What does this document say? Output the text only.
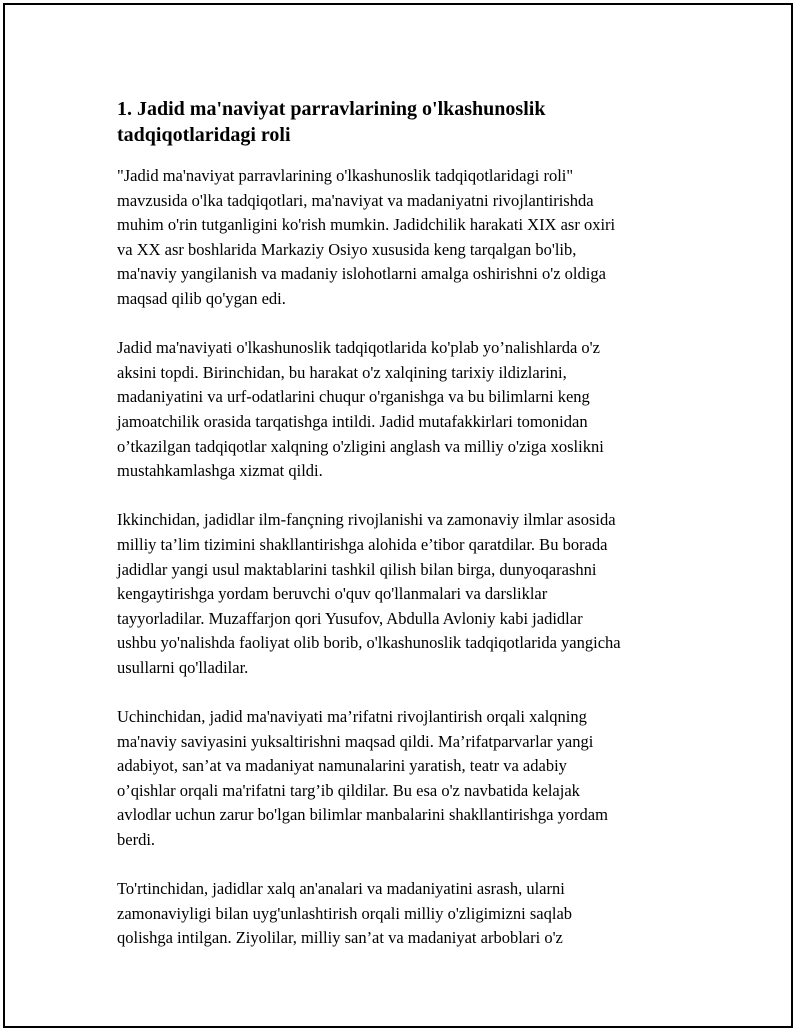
1. Jadid ma'naviyat parravlarining o'lkashunoslik
tadqiqotlaridagi roli
"Jadid ma'naviyat parravlarining o'lkashunoslik tadqiqotlaridagi roli"
mavzusida o'lka tadqiqotlari, ma'naviyat va madaniyatni rivojlantirishda
muhim o'rin tutganligini ko'rish mumkin. Jadidchilik harakati XIX asr oxiri
va XX asr boshlarida Markaziy Osiyo xususida keng tarqalgan bo'lib,
ma'naviy yangilanish va madaniy islohotlarni amalga oshirishni o'z oldiga
maqsad qilib qo'ygan edi.
Jadid ma'naviyati o'lkashunoslik tadqiqotlarida ko'plab yo’nalishlarda o'z
aksini topdi. Birinchidan, bu harakat o'z xalqining tarixiy ildizlarini,
madaniyatini va urf-odatlarini chuqur o'rganishga va bu bilimlarni keng
jamoatchilik orasida tarqatishga intildi. Jadid mutafakkirlari tomonidan
o’tkazilgan tadqiqotlar xalqning o'zligini anglash va milliy o'ziga xoslikni
mustahkamlashga xizmat qildi.
Ikkinchidan, jadidlar ilm-fançning rivojlanishi va zamonaviy ilmlar asosida
milliy ta’lim tizimini shakllantirishga alohida e’tibor qaratdilar. Bu borada
jadidlar yangi usul maktablarini tashkil qilish bilan birga, dunyoqarashni
kengaytirishga yordam beruvchi o'quv qo'llanmalari va darsliklar
tayyorladilar. Muzaffarjon qori Yusufov, Abdulla Avloniy kabi jadidlar
ushbu yo'nalishda faoliyat olib borib, o'lkashunoslik tadqiqotlarida yangicha
usullarni qo'lladilar.
Uchinchidan, jadid ma'naviyati ma’rifatni rivojlantirish orqali xalqning
ma'naviy saviyasini yuksaltirishni maqsad qildi. Ma’rifatparvarlar yangi
adabiyot, san’at va madaniyat namunalarini yaratish, teatr va adabiy
o’qishlar orqali ma'rifatni targ’ib qildilar. Bu esa o'z navbatida kelajak
avlodlar uchun zarur bo'lgan bilimlar manbalarini shakllantirishga yordam
berdi.
To'rtinchidan, jadidlar xalq an'analari va madaniyatini asrash, ularni
zamonaviyligi bilan uyg'unlashtirish orqali milliy o'zligimizni saqlab
qolishga intilgan. Ziyolilar, milliy san’at va madaniyat arboblari o'z
